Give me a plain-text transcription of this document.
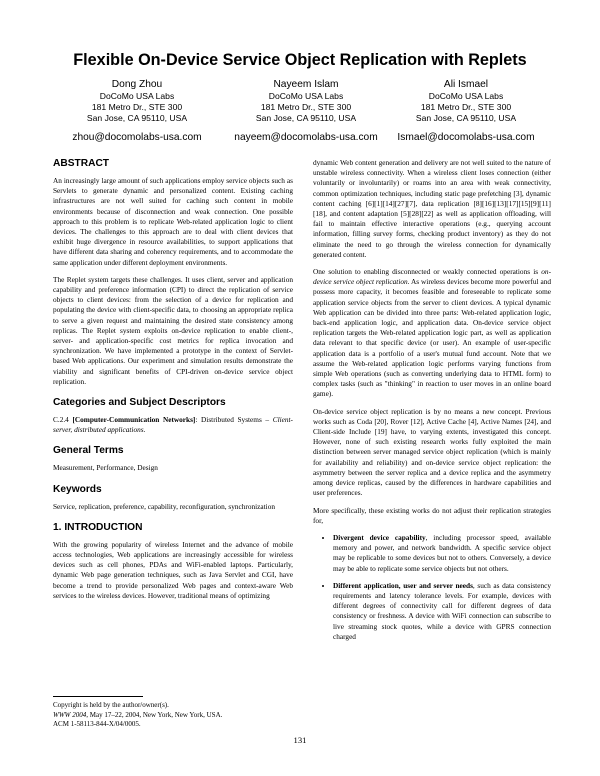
Flexible On-Device Service Object Replication with Replets
Dong Zhou
DoCoMo USA Labs
181 Metro Dr., STE 300
San Jose, CA 95110, USA
zhou@docomolabs-usa.com
Nayeem Islam
DoCoMo USA Labs
181 Metro Dr., STE 300
San Jose, CA 95110, USA
nayeem@docomolabs-usa.com
Ali Ismael
DoCoMo USA Labs
181 Metro Dr., STE 300
San Jose, CA 95110, USA
Ismael@docomolabs-usa.com
ABSTRACT

An increasingly large amount of such applications employ service objects such as Servlets to generate dynamic and personalized content. Existing caching infrastructures are not well suited for caching such content in mobile environments because of disconnection and weak connection. One possible approach to this problem is to replicate Web-related application logic to client devices. The challenges to this approach are to deal with client devices that exhibit huge divergence in resource availabilities, to support applications that have different data sharing and coherency requirements, and to accommodate the same application under different deployment environments.

The Replet system targets these challenges. It uses client, server and application capability and preference information (CPI) to direct the replication of service objects to client devices: from the selection of a device for replication and populating the device with client-specific data, to choosing an appropriate replica to serve a given request and maintaining the desired state consistency among replicas. The Replet system exploits on-device replication to enable client-, server- and application-specific cost metrics for replica invocation and synchronization. We have implemented a prototype in the context of Servlet-based Web applications. Our experiment and simulation results demonstrate the viability and significant benefits of CPI-driven on-device service object replication.

Categories and Subject Descriptors

C.2.4 [Computer-Communication Networks]: Distributed Systems – Client-server, distributed applications.

General Terms

Measurement, Performance, Design

Keywords

Service, replication, preference, capability, reconfiguration, synchronization

1. INTRODUCTION

With the growing popularity of wireless Internet and the advance of mobile access technologies, Web applications are increasingly accessible for wireless devices such as cell phones, PDAs and WiFi-enabled laptops. Particularly, dynamic Web page generation techniques, such as Java Servlet and CGI, have become a trend to provide personalized Web pages and context-aware Web services to the wireless devices. However, traditional means of optimizing

Copyright is held by the author/owner(s).
WWW 2004, May 17–22, 2004, New York, New York, USA.
ACM 1-58113-844-X/04/0005.

dynamic Web content generation and delivery are not well suited to the nature of unstable wireless connectivity. When a wireless client loses connection (either voluntarily or involuntarily) or roams into an area with weak connectivity, common optimization techniques, including static page prefetching [3], dynamic content caching [6][1][14][27][7], data replication [8][16][13][17][15][9][11][18], and content adaptation [5][28][22] as well as application offloading, will fail to maintain effective interactive operations (e.g., querying account information, filling survey forms, checking product inventory) as they do not eliminate the need to go through the wireless connection for dynamically generated content.

One solution to enabling disconnected or weakly connected operations is on-device service object replication. As wireless devices become more powerful and possess more capacity, it becomes feasible and foreseeable to replicate some application service objects from the server to client devices. A typical dynamic Web application can be divided into three parts: Web-related application logic, back-end application logic, and application data. On-device service object replication targets the Web-related application logic part, as well as application data relevant to that specific device (or user). An example of user-specific application data is a portfolio of a user's mutual fund account. Note that we assume the Web-related application logic performs varying functions from simple Web operations (such as converting underlying data to HTML form) to complex tasks (such as "thinking" in reaction to user moves in an online board game).

On-device service object replication is by no means a new concept. Previous works such as Coda [20], Rover [12], Active Cache [4], Active Names [24], and Client-side Include [19] have, to varying extents, investigated this concept. However, none of such existing research works fully exploited the main distinction between server managed service object replication (which is mainly for availability and reliability) and on-device service object replication: the asymmetry between the server replica and a device replica and the asymmetry among device replicas, caused by the differences in hardware capabilities and user preferences.

More specifically, these existing works do not adjust their replication strategies for,

• Divergent device capability, including processor speed, available memory and power, and network bandwidth. A specific service object may be replicable to some devices but not to others. Conversely, a device may be able to replicate some service objects but not others.
• Different application, user and server needs, such as data consistency requirements and latency tolerance levels. For example, devices with different degrees of connectivity call for different degrees of data consistency or freshness. A device with WiFi connection can subscribe to live streaming stock quotes, while a device with GPRS connection charged
131
